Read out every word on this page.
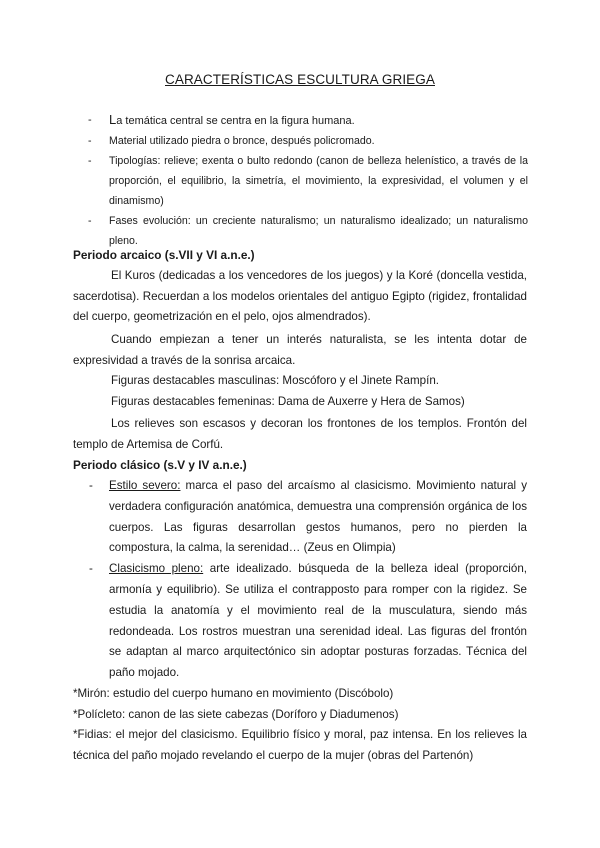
CARACTERÍSTICAS ESCULTURA GRIEGA
- La temática central se centra en la figura humana.
- Material utilizado piedra o bronce, después policromado.
- Tipologías: relieve; exenta o bulto redondo (canon de belleza helenístico, a través de la proporción, el equilibrio, la simetría, el movimiento, la expresividad, el volumen y el dinamismo)
- Fases evolución: un creciente naturalismo; un naturalismo idealizado; un naturalismo pleno.
Periodo arcaico (s.VII y VI a.n.e.)
El Kuros (dedicadas a los vencedores de los juegos) y la Koré (doncella vestida, sacerdotisa). Recuerdan a los modelos orientales del antiguo Egipto (rigidez, frontalidad del cuerpo, geometrización en el pelo, ojos almendrados).
Cuando empiezan a tener un interés naturalista, se les intenta dotar de expresividad a través de la sonrisa arcaica.
Figuras destacables masculinas: Moscóforo y el Jinete Rampín.
Figuras destacables femeninas: Dama de Auxerre y Hera de Samos)
Los relieves son escasos y decoran los frontones de los templos. Frontón del templo de Artemisa de Corfú.
Periodo clásico (s.V y IV a.n.e.)
- Estilo severo: marca el paso del arcaísmo al clasicismo. Movimiento natural y verdadera configuración anatómica, demuestra una comprensión orgánica de los cuerpos. Las figuras desarrollan gestos humanos, pero no pierden la compostura, la calma, la serenidad… (Zeus en Olimpia)
- Clasicismo pleno: arte idealizado. búsqueda de la belleza ideal (proporción, armonía y equilibrio). Se utiliza el contrapposto para romper con la rigidez. Se estudia la anatomía y el movimiento real de la musculatura, siendo más redondeada. Los rostros muestran una serenidad ideal. Las figuras del frontón se adaptan al marco arquitectónico sin adoptar posturas forzadas. Técnica del paño mojado.
*Mirón: estudio del cuerpo humano en movimiento (Discóbolo)
*Polícleto: canon de las siete cabezas (Doríforo y Diadumenos)
*Fidias: el mejor del clasicismo. Equilibrio físico y moral, paz intensa. En los relieves la técnica del paño mojado revelando el cuerpo de la mujer (obras del Partenón)
